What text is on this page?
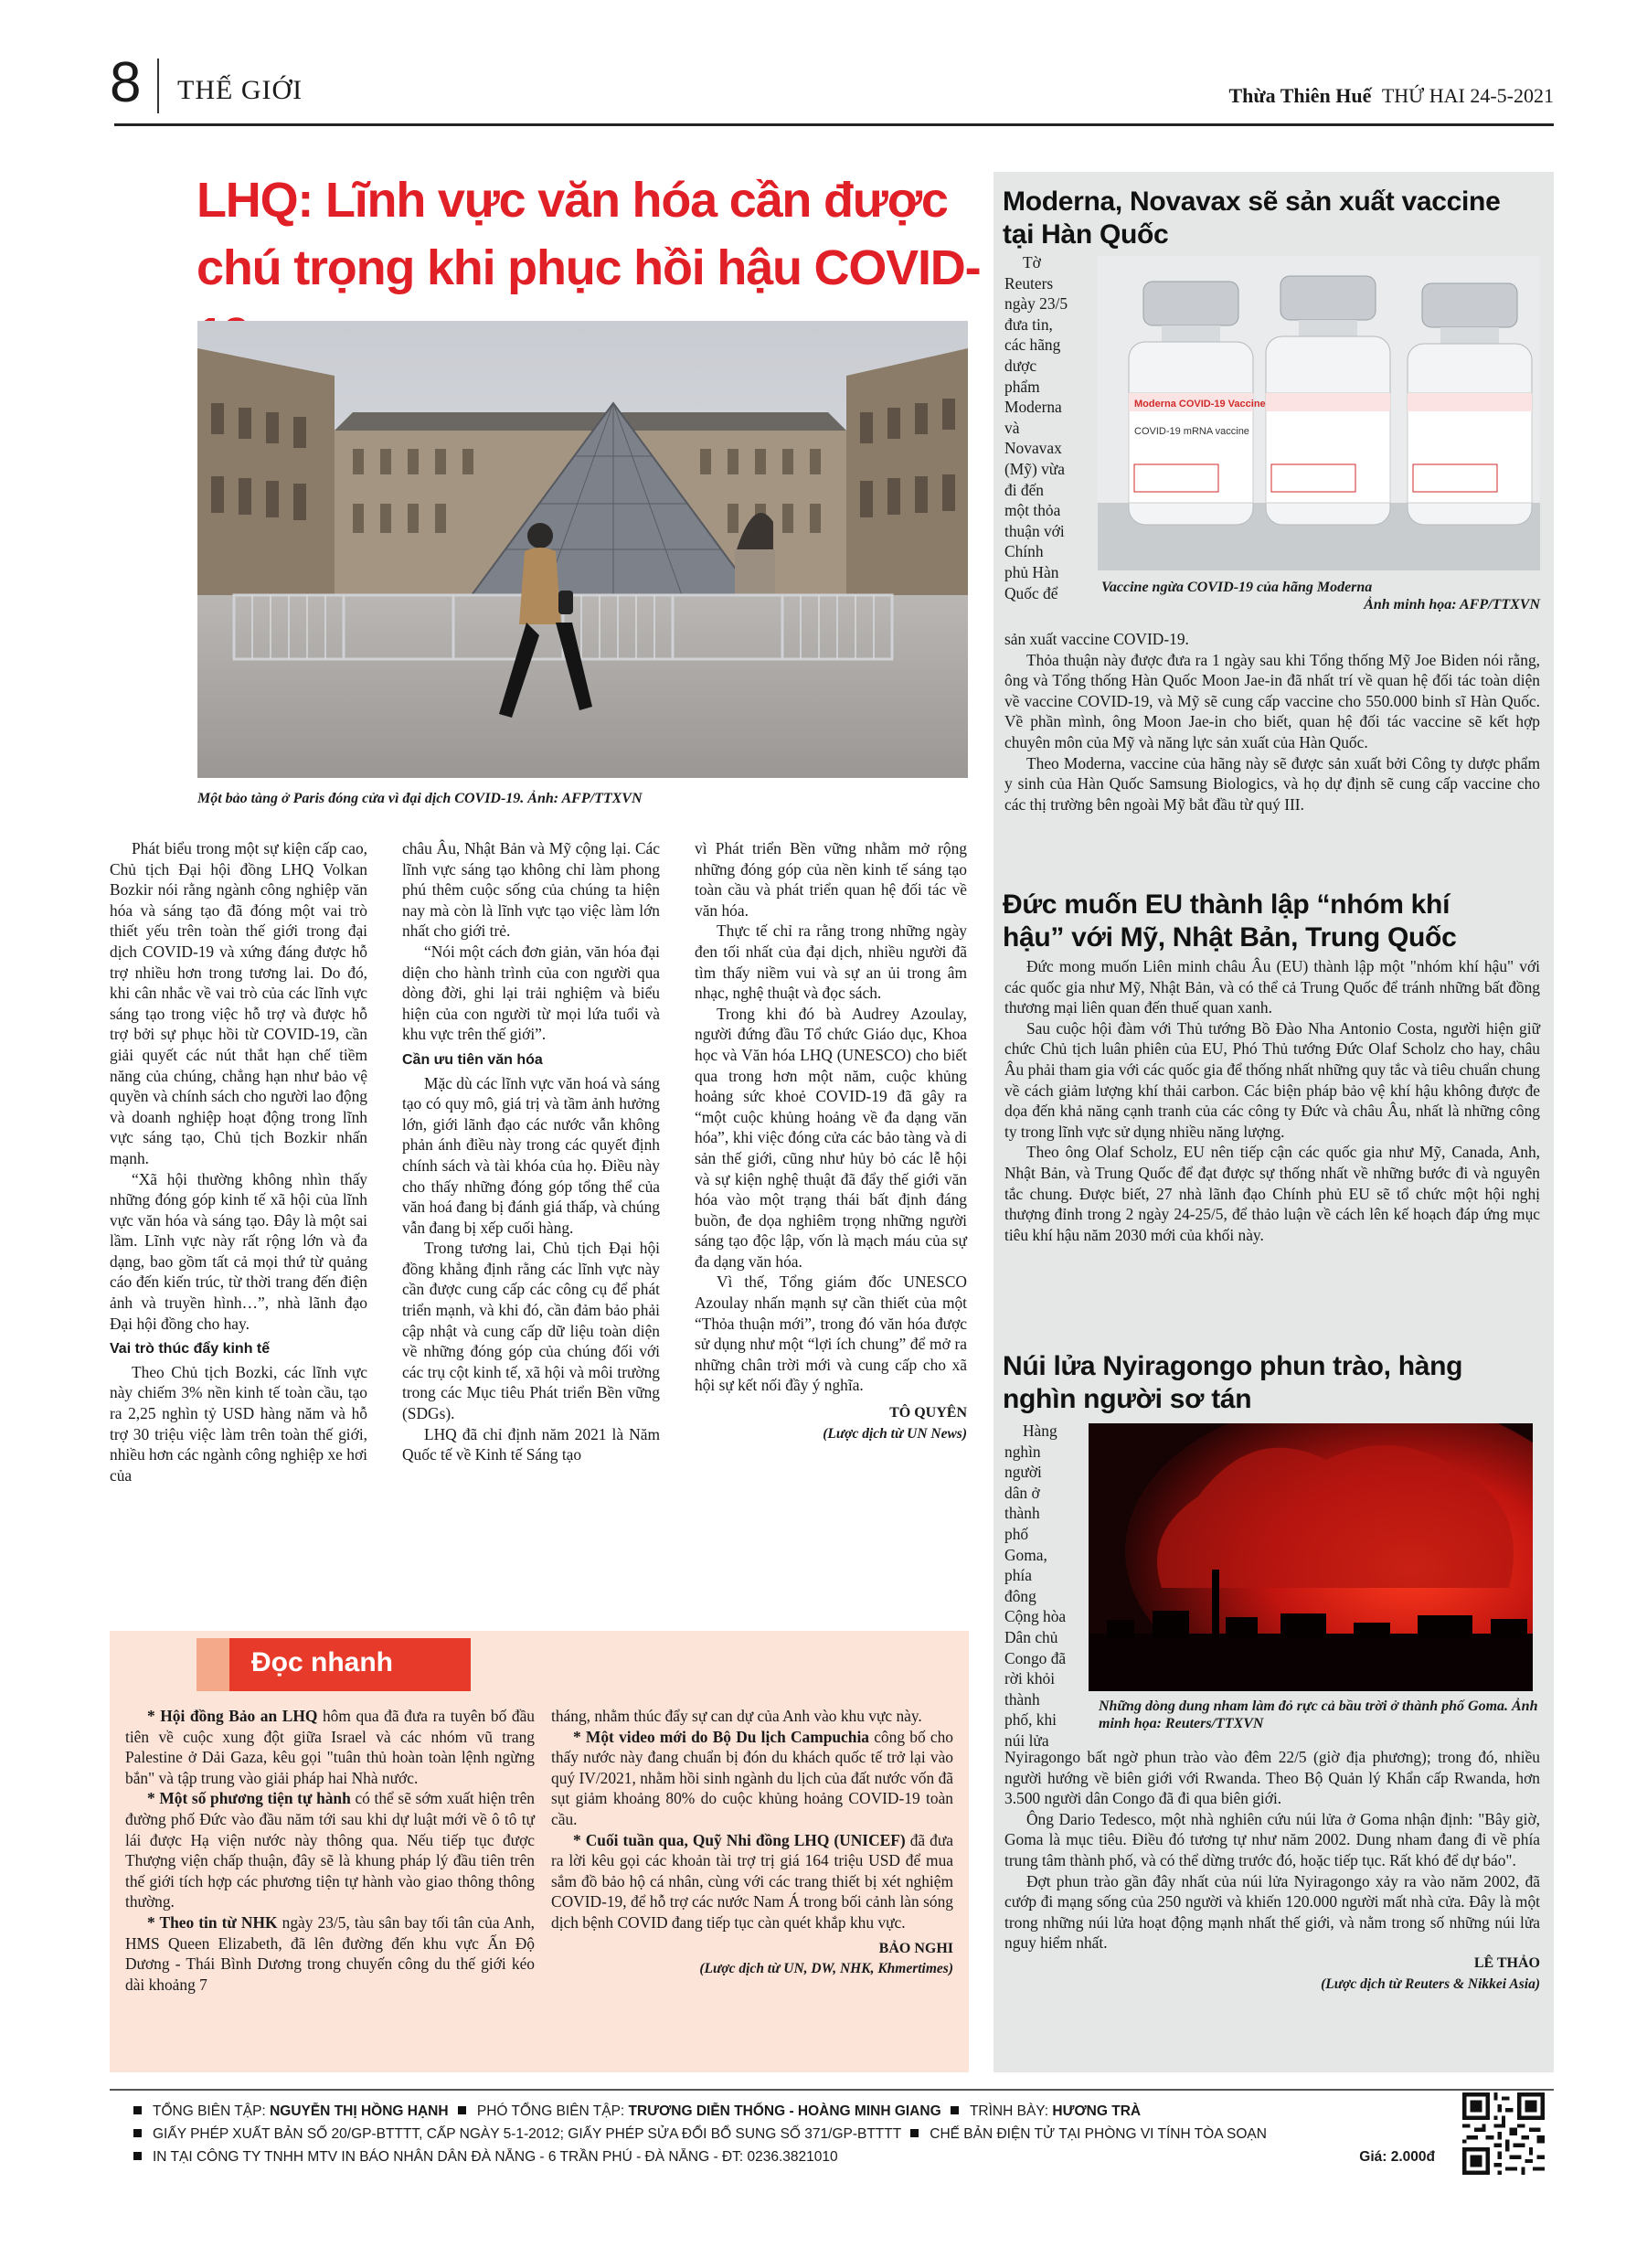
8 THẾ GIỚI	Thừa Thiên Huế THỨ HAI 24-5-2021
LHQ: Lĩnh vực văn hóa cần được
chú trọng khi phục hồi hậu COVID-
Một bảo tàng ở Paris đóng cửa vì đại dịch COVID-19. Ảnh: AFP/TTXVN

Phát biểu trong một sự kiện cấp cao, Chủ tịch Đại hội đồng LHQ Volkan Bozkir nói rằng ngành công nghiệp văn hóa và sáng tạo đã đóng một vai trò thiết yếu trên toàn thế giới trong đại dịch COVID-19 và xứng đáng được hỗ trợ nhiều hơn trong tương lai. Do đó, khi cân nhắc về vai trò của các lĩnh vực sáng tạo trong việc hỗ trợ và được hỗ trợ bởi sự phục hồi từ COVID-19, cần giải quyết các nút thắt hạn chế tiềm năng của chúng, chẳng hạn như bảo vệ quyền và chính sách cho người lao động và doanh nghiệp hoạt động trong lĩnh vực sáng tạo, Chủ tịch Bozkir nhấn mạnh.

“Xã hội thường không nhìn thấy những đóng góp kinh tế xã hội của lĩnh vực văn hóa và sáng tạo. Đây là một sai lầm. Lĩnh vực này rất rộng lớn và đa dạng, bao gồm tất cả mọi thứ từ quảng cáo đến kiến trúc, từ thời trang đến điện ảnh và truyền hình…”, nhà lãnh đạo Đại hội đồng cho hay.

Vai trò thúc đẩy kinh tế

Theo Chủ tịch Bozki, các lĩnh vực này chiếm 3% nền kinh tế toàn cầu, tạo ra 2,25 nghìn tỷ USD hàng năm và hỗ trợ 30 triệu việc làm trên toàn thế giới, nhiều hơn các ngành công nghiệp xe hơi của

châu Âu, Nhật Bản và Mỹ cộng lại. Các lĩnh vực sáng tạo không chỉ làm phong phú thêm cuộc sống của chúng ta hiện nay mà còn là lĩnh vực tạo việc làm lớn nhất cho giới trẻ.

“Nói một cách đơn giản, văn hóa đại diện cho hành trình của con người qua dòng đời, ghi lại trải nghiệm và biểu hiện của con người từ mọi lứa tuổi và khu vực trên thế giới”.

Cần ưu tiên văn hóa

Mặc dù các lĩnh vực văn hoá và sáng tạo có quy mô, giá trị và tầm ảnh hưởng lớn, giới lãnh đạo các nước vẫn không phản ánh điều này trong các quyết định chính sách và tài khóa của họ. Điều này cho thấy những đóng góp tổng thể của văn hoá đang bị đánh giá thấp, và chúng vẫn đang bị xếp cuối hàng.

Trong tương lai, Chủ tịch Đại hội đồng khẳng định rằng các lĩnh vực này cần được cung cấp các công cụ để phát triển mạnh, và khi đó, cần đảm bảo phải cập nhật và cung cấp dữ liệu toàn diện về những đóng góp của chúng đối với các trụ cột kinh tế, xã hội và môi trường trong các Mục tiêu Phát triển Bền vững (SDGs).

LHQ đã chỉ định năm 2021 là Năm Quốc tế về Kinh tế Sáng tạo

vì Phát triển Bền vững nhằm mở rộng những đóng góp của nền kinh tế sáng tạo toàn cầu và phát triển quan hệ đối tác về văn hóa.

Thực tế chỉ ra rằng trong những ngày đen tối nhất của đại dịch, nhiều người đã tìm thấy niềm vui và sự an ủi trong âm nhạc, nghệ thuật và đọc sách.

Trong khi đó bà Audrey Azoulay, người đứng đầu Tổ chức Giáo dục, Khoa học và Văn hóa LHQ (UNESCO) cho biết qua trong hơn một năm, cuộc khủng hoảng sức khoẻ COVID-19 đã gây ra “một cuộc khủng hoảng về đa dạng văn hóa”, khi việc đóng cửa các bảo tàng và di sản thế giới, cũng như hủy bỏ các lễ hội và sự kiện nghệ thuật đã đẩy thế giới văn hóa vào một trạng thái bất định đáng buồn, đe dọa nghiêm trọng những người sáng tạo độc lập, vốn là mạch máu của sự đa dạng văn hóa.

Vì thế, Tổng giám đốc UNESCO Azoulay nhấn mạnh sự cần thiết của một “Thỏa thuận mới”, trong đó văn hóa được sử dụng như một “lợi ích chung” để mở ra những chân trời mới và cung cấp cho xã hội sự kết nối đầy ý nghĩa.

TÔ QUYÊN
(Lược dịch từ UN News)
Đọc nhanh

* Hội đồng Bảo an LHQ hôm qua đã đưa ra tuyên bố đầu tiên về cuộc xung đột giữa Israel và các nhóm vũ trang Palestine ở Dải Gaza, kêu gọi "tuân thủ hoàn toàn lệnh ngừng bắn" và tập trung vào giải pháp hai Nhà nước.

* Một số phương tiện tự hành có thể sẽ sớm xuất hiện trên đường phố Đức vào đầu năm tới sau khi dự luật mới về ô tô tự lái được Hạ viện nước này thông qua. Nếu tiếp tục được Thượng viện chấp thuận, đây sẽ là khung pháp lý đầu tiên trên thế giới tích hợp các phương tiện tự hành vào giao thông thông thường.

* Theo tin từ NHK ngày 23/5, tàu sân bay tối tân của Anh, HMS Queen Elizabeth, đã lên đường đến khu vực Ấn Độ Dương - Thái Bình Dương trong chuyến công du thế giới kéo dài khoảng 7

tháng, nhằm thúc đẩy sự can dự của Anh vào khu vực này.

* Một video mới do Bộ Du lịch Campuchia công bố cho thấy nước này đang chuẩn bị đón du khách quốc tế trở lại vào quý IV/2021, nhằm hồi sinh ngành du lịch của đất nước vốn đã sụt giảm khoảng 80% do cuộc khủng hoảng COVID-19 toàn cầu.

* Cuối tuần qua, Quỹ Nhi đồng LHQ (UNICEF) đã đưa ra lời kêu gọi các khoản tài trợ trị giá 164 triệu USD để mua sắm đồ bảo hộ cá nhân, cùng với các trang thiết bị xét nghiệm COVID-19, để hỗ trợ các nước Nam Á trong bối cảnh làn sóng dịch bệnh COVID đang tiếp tục càn quét khắp khu vực.

BẢO NGHI
(Lược dịch từ UN, DW, NHK, Khmertimes)
Moderna, Novavax sẽ sản xuất vaccine tại Hàn Quốc
Tờ
Reuters
ngày 23/5
đưa tin,
các hãng
dược
phẩm
Moderna
và
Novavax
(Mỹ) vừa
đi đến
một thỏa
thuận với
Chính
phủ Hàn
Quốc để
Moderna COVID-19 Vaccine
COVID-19 mRNA vaccine
Vaccine ngừa COVID-19 của hãng Moderna
Ảnh minh họa: AFP/TTXVN

sản xuất vaccine COVID-19.

Thỏa thuận này được đưa ra 1 ngày sau khi Tổng thống Mỹ Joe Biden nói rằng, ông và Tổng thống Hàn Quốc Moon Jae-in đã nhất trí về quan hệ đối tác toàn diện về vaccine COVID-19, và Mỹ sẽ cung cấp vaccine cho 550.000 binh sĩ Hàn Quốc. Về phần mình, ông Moon Jae-in cho biết, quan hệ đối tác vaccine sẽ kết hợp chuyên môn của Mỹ và năng lực sản xuất của Hàn Quốc.

Theo Moderna, vaccine của hãng này sẽ được sản xuất bởi Công ty dược phẩm y sinh của Hàn Quốc Samsung Biologics, và họ dự định sẽ cung cấp vaccine cho các thị trường bên ngoài Mỹ bắt đầu từ quý III.

Đức muốn EU thành lập “nhóm khí hậu” với Mỹ, Nhật Bản, Trung Quốc

Đức mong muốn Liên minh châu Âu (EU) thành lập một "nhóm khí hậu" với các quốc gia như Mỹ, Nhật Bản, và có thể cả Trung Quốc để tránh những bất đồng thương mại liên quan đến thuế quan xanh.

Sau cuộc hội đàm với Thủ tướng Bồ Đào Nha Antonio Costa, người hiện giữ chức Chủ tịch luân phiên của EU, Phó Thủ tướng Đức Olaf Scholz cho hay, châu Âu phải tham gia với các quốc gia để thống nhất những quy tắc và tiêu chuẩn chung về cách giảm lượng khí thải carbon. Các biện pháp bảo vệ khí hậu không được đe dọa đến khả năng cạnh tranh của các công ty Đức và châu Âu, nhất là những công ty trong lĩnh vực sử dụng nhiều năng lượng.

Theo ông Olaf Scholz, EU nên tiếp cận các quốc gia như Mỹ, Canada, Anh, Nhật Bản, và Trung Quốc để đạt được sự thống nhất về những bước đi và nguyên tắc chung. Được biết, 27 nhà lãnh đạo Chính phủ EU sẽ tổ chức một hội nghị thượng đỉnh trong 2 ngày 24-25/5, để thảo luận về cách lên kế hoạch đáp ứng mục tiêu khí hậu năm 2030 mới của khối này.

Núi lửa Nyiragongo phun trào, hàng nghìn người sơ tán
Hàng
nghìn
người
dân ở
thành
phố
Goma,
phía
đông
Cộng hòa
Dân chủ
Congo đã
rời khỏi
thành
phố, khi
núi lửa
Những dòng dung nham làm đỏ rực cả bầu trời ở thành phố Goma. Ảnh minh họa: Reuters/TTXVN

Nyiragongo bất ngờ phun trào vào đêm 22/5 (giờ địa phương); trong đó, nhiều người hướng về biên giới với Rwanda. Theo Bộ Quản lý Khẩn cấp Rwanda, hơn 3.500 người dân Congo đã đi qua biên giới.

Ông Dario Tedesco, một nhà nghiên cứu núi lửa ở Goma nhận định: "Bây giờ, Goma là mục tiêu. Điều đó tương tự như năm 2002. Dung nham đang đi về phía trung tâm thành phố, và có thể dừng trước đó, hoặc tiếp tục. Rất khó để dự báo".

Đợt phun trào gần đây nhất của núi lửa Nyiragongo xảy ra vào năm 2002, đã cướp đi mạng sống của 250 người và khiến 120.000 người mất nhà cửa. Đây là một trong những núi lửa hoạt động mạnh nhất thế giới, và nằm trong số những núi lửa nguy hiểm nhất.

LÊ THẢO
(Lược dịch từ Reuters & Nikkei Asia)
TỔNG BIÊN TẬP: NGUYỄN THỊ HỒNG HẠNH PHÓ TỔNG BIÊN TẬP: TRƯƠNG DIỄN THỐNG - HOÀNG MINH GIANG TRÌNH BÀY: HƯƠNG TRÀ
GIẤY PHÉP XUẤT BẢN SỐ 20/GP-BTTTT, CẤP NGÀY 5-1-2012; GIẤY PHÉP SỬA ĐỔI BỔ SUNG SỐ 371/GP-BTTTT CHẾ BẢN ĐIỆN TỬ TẠI PHÒNG VI TÍNH TÒA SOẠN
IN TẠI CÔNG TY TNHH MTV IN BÁO NHÂN DÂN ĐÀ NẴNG - 6 TRẦN PHÚ - ĐÀ NẴNG - ĐT: 0236.3821010	Giá: 2.000đ
